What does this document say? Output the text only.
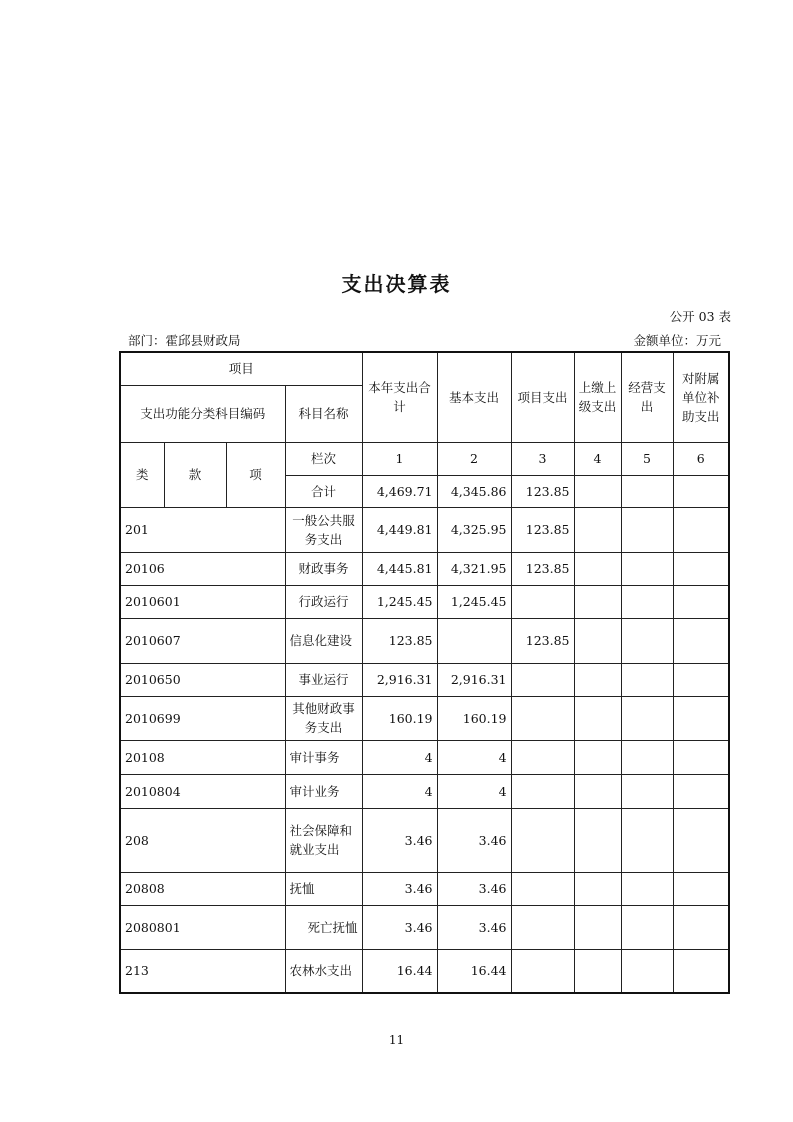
支出决算表
公开 03 表
部门：霍邱县财政局	金额单位：万元
项目				本年支出合计	基本支出	项目支出	上缴上级支出	经营支出	对附属单位补助支出
支出功能分类科目编码			科目名称						
类	款	项	栏次	1	2	3	4	5	6
			合计	4,469.71	4,345.86	123.85			
201			一般公共服务支出	4,449.81	4,325.95	123.85			
20106			财政事务	4,445.81	4,321.95	123.85			
2010601			行政运行	1,245.45	1,245.45				
2010607			信息化建设	123.85		123.85			
2010650			事业运行	2,916.31	2,916.31				
2010699			其他财政事务支出	160.19	160.19				
20108			审计事务	4	4				
2010804			审计业务	4	4				
208			社会保障和就业支出	3.46	3.46				
20808			抚恤	3.46	3.46				
2080801			死亡抚恤	3.46	3.46				
213			农林水支出	16.44	16.44				
11
